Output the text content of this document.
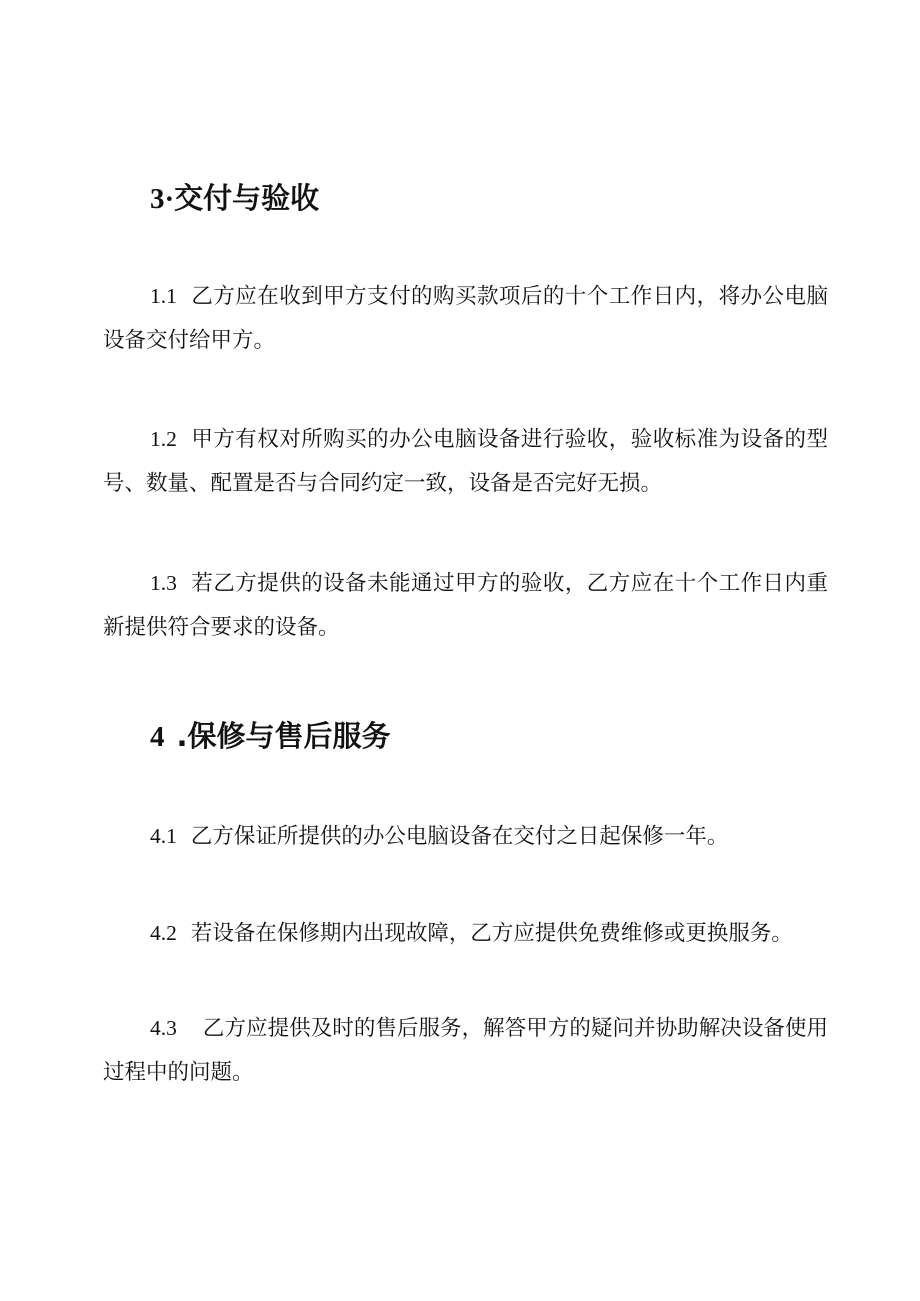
3·交付与验收

1.1 乙方应在收到甲方支付的购买款项后的十个工作日内，将办公电脑设备交付给甲方。

1.2 甲方有权对所购买的办公电脑设备进行验收，验收标准为设备的型号、数量、配置是否与合同约定一致，设备是否完好无损。

1.3 若乙方提供的设备未能通过甲方的验收，乙方应在十个工作日内重新提供符合要求的设备。

4 .保修与售后服务

4.1 乙方保证所提供的办公电脑设备在交付之日起保修一年。

4.2 若设备在保修期内出现故障，乙方应提供免费维修或更换服务。

4.3 乙方应提供及时的售后服务，解答甲方的疑问并协助解决设备使用过程中的问题。
